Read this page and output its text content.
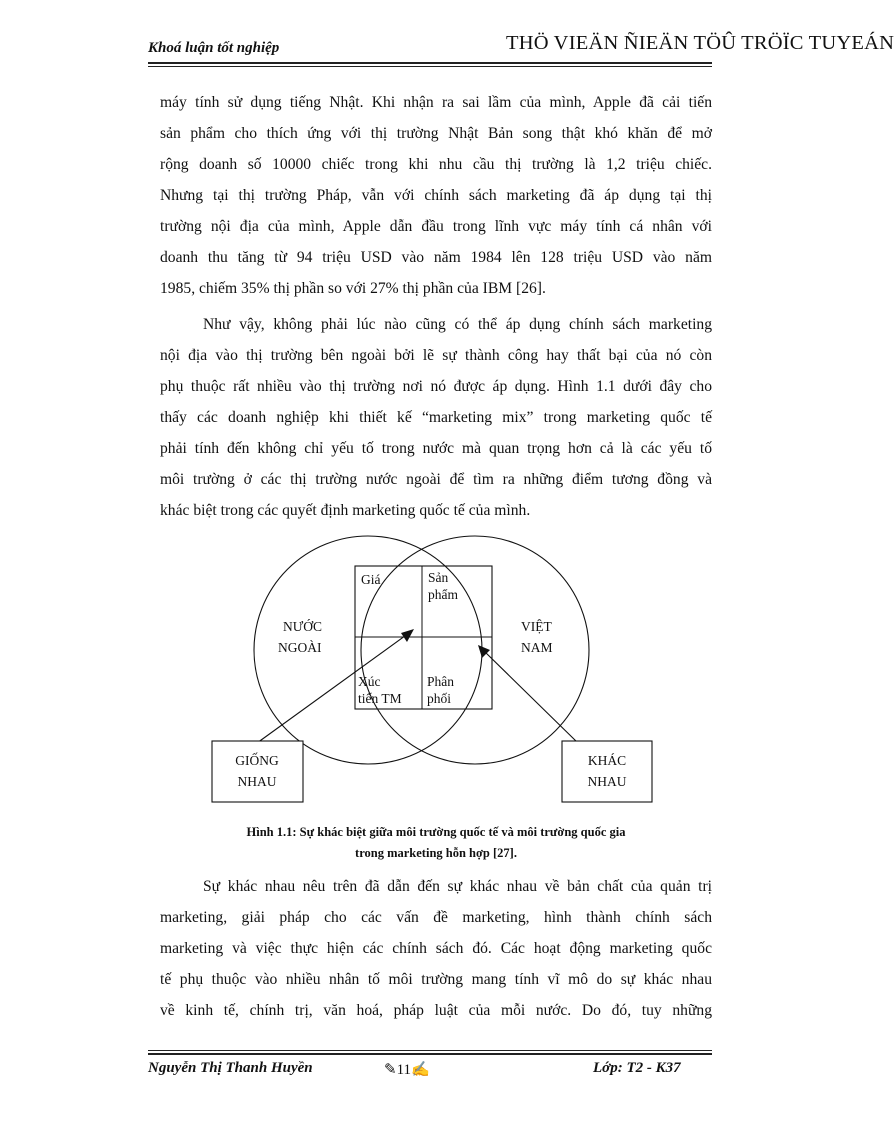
Khoá luận tốt nghiệp	THÖ VIEÄN ÑIEÄN TÖÛ TRÖÏC TUYEÁN

máy tính sử dụng tiếng Nhật. Khi nhận ra sai lầm của mình, Apple đã cải tiến

sản phẩm cho thích ứng với thị trường Nhật Bản song thật khó khăn để mở

rộng doanh số 10000 chiếc trong khi nhu cầu thị trường là 1,2 triệu chiếc.

Nhưng tại thị trường Pháp, vẫn với chính sách marketing đã áp dụng tại thị

trường nội địa của mình, Apple dẫn đầu trong lĩnh vực máy tính cá nhân với

doanh thu tăng từ 94 triệu USD vào năm 1984 lên 128 triệu USD vào năm

1985, chiếm 35% thị phần so với 27% thị phần của IBM [26].

Như vậy, không phải lúc nào cũng có thể áp dụng chính sách marketing

nội địa vào thị trường bên ngoài bởi lẽ sự thành công hay thất bại của nó còn

phụ thuộc rất nhiều vào thị trường nơi nó được áp dụng. Hình 1.1 dưới đây cho

thấy các doanh nghiệp khi thiết kế “marketing mix” trong marketing quốc tế

phải tính đến không chỉ yếu tố trong nước mà quan trọng hơn cả là các yếu tố

môi trường ở các thị trường nước ngoài để tìm ra những điểm tương đồng và

khác biệt trong các quyết định marketing quốc tế của mình.

NƯỚC
NGOÀI
VIỆT
NAM
Giá	Sản
phẩm
Xúc
tiến TM
Phân
phối
GIỐNG
NHAU
KHÁC
NHAU
Hình 1.1: Sự khác biệt giữa môi trường quốc tế và môi trường quốc gia
trong marketing hỗn hợp [27].

Sự khác nhau nêu trên đã dẫn đến sự khác nhau về bản chất của quản trị

marketing, giải pháp cho các vấn đề marketing, hình thành chính sách

marketing và việc thực hiện các chính sách đó. Các hoạt động marketing quốc

tế phụ thuộc vào nhiều nhân tố môi trường mang tính vĩ mô do sự khác nhau

về kinh tế, chính trị, văn hoá, pháp luật của mỗi nước. Do đó, tuy những

Nguyễn Thị Thanh Huyền	✎11✍	Lớp: T2 - K37
